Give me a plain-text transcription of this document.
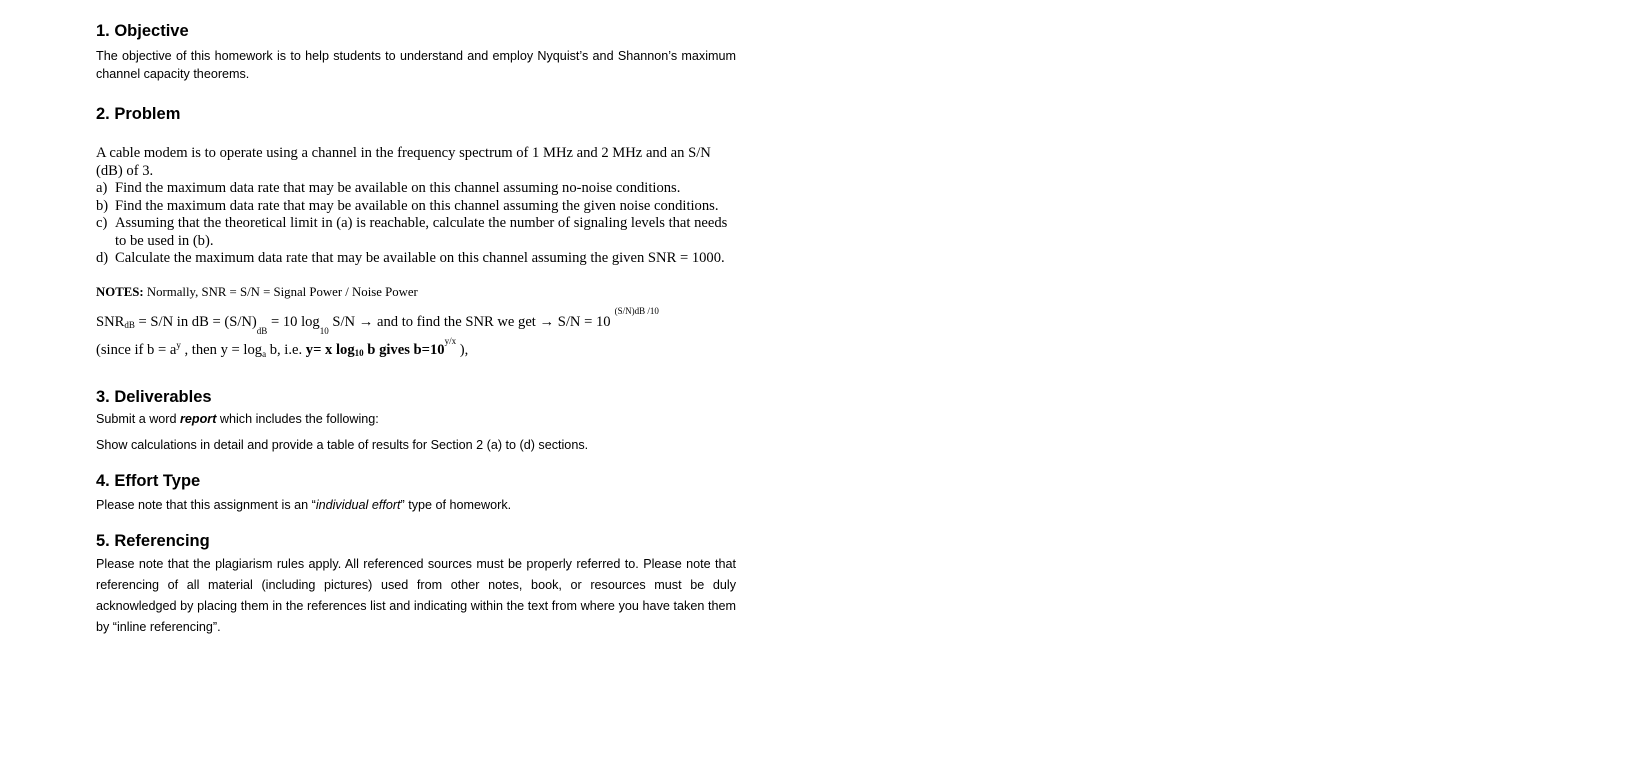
1. Objective

The objective of this homework is to help students to understand and employ Nyquist’s and Shannon’s maximum channel capacity theorems.

2. Problem

A cable modem is to operate using a channel in the frequency spectrum of 1 MHz and 2 MHz and an S/N (dB) of 3.

a) Find the maximum data rate that may be available on this channel assuming no-noise conditions.
b) Find the maximum data rate that may be available on this channel assuming the given noise conditions.
c) Assuming that the theoretical limit in (a) is reachable, calculate the number of signaling levels that needs to be used in (b).
d) Calculate the maximum data rate that may be available on this channel assuming the given SNR = 1000.
NOTES: Normally, SNR = S/N = Signal Power / Noise Power
SNRdB = S/N in dB = $(S/N)_{dB} = 10$ $\log_{10} S/N$ → and to find the SNR we get → $S/N = 10^{(S/N)dB /10}$
(since if $b = a^y$ , then $y = \log_a b$, i.e. y= x log10 b gives $b=10^{y/x}$ ),
3. Deliverables

Submit a word report which includes the following:

Show calculations in detail and provide a table of results for Section 2 (a) to (d) sections.

4. Effort Type

Please note that this assignment is an “individual effort” type of homework.

5. Referencing

Please note that the plagiarism rules apply. All referenced sources must be properly referred to. Please note that referencing of all material (including pictures) used from other notes, book, or resources must be duly acknowledged by placing them in the references list and indicating within the text from where you have taken them by “inline referencing”.
